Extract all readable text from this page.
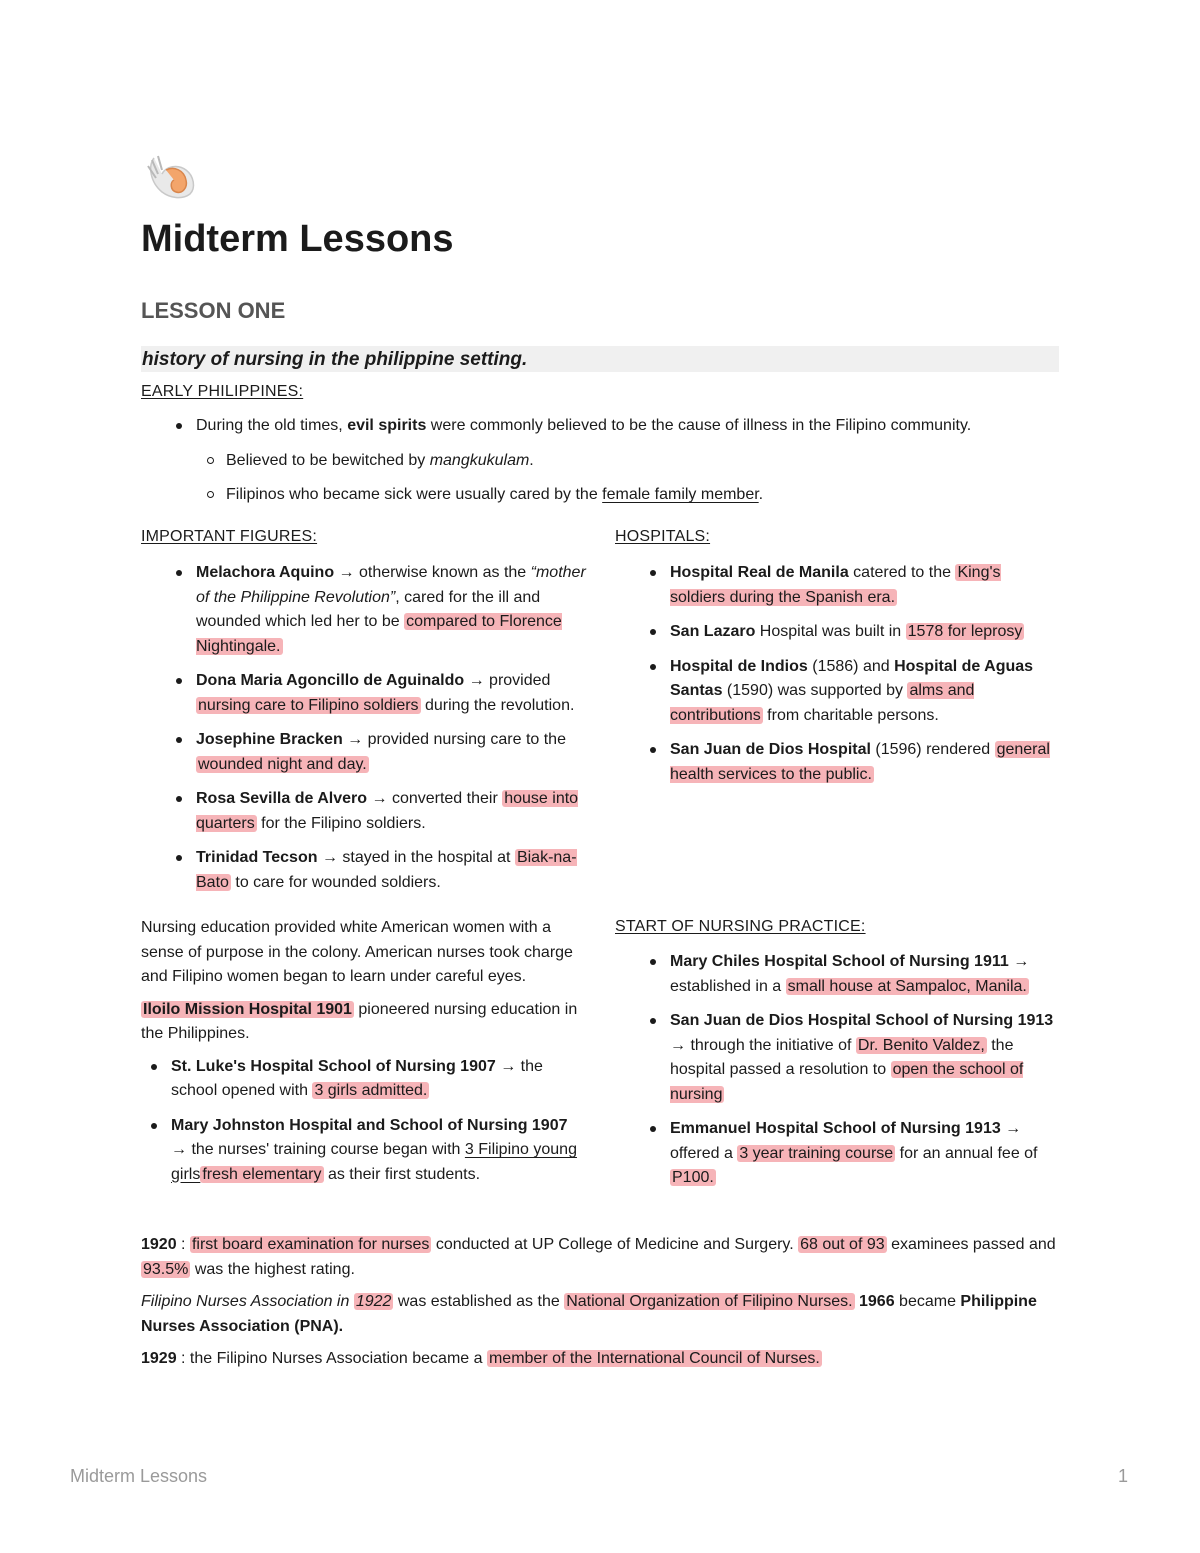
Midterm Lessons
LESSON ONE
history of nursing in the philippine setting.
EARLY PHILIPPINES:
During the old times, evil spirits were commonly believed to be the cause of illness in the Filipino community.
Believed to be bewitched by mangkukulam.
Filipinos who became sick were usually cared by the female family member.
IMPORTANT FIGURES:
Melachora Aquino → otherwise known as the “mother of the Philippine Revolution”, cared for the ill and wounded which led her to be compared to Florence Nightingale.
Dona Maria Agoncillo de Aguinaldo → provided nursing care to Filipino soldiers during the revolution.
Josephine Bracken → provided nursing care to the wounded night and day.
Rosa Sevilla de Alvero → converted their house into quarters for the Filipino soldiers.
Trinidad Tecson → stayed in the hospital at Biak-na-Bato to care for wounded soldiers.
HOSPITALS:
Hospital Real de Manila catered to the King's soldiers during the Spanish era.
San Lazaro Hospital was built in 1578 for leprosy
Hospital de Indios (1586) and Hospital de Aguas Santas (1590) was supported by alms and contributions from charitable persons.
San Juan de Dios Hospital (1596) rendered general health services to the public.

Nursing education provided white American women with a sense of purpose in the colony. American nurses took charge and Filipino women began to learn under careful eyes.

Iloilo Mission Hospital 1901 pioneered nursing education in the Philippines.

St. Luke's Hospital School of Nursing 1907 → the school opened with 3 girls admitted.
Mary Johnston Hospital and School of Nursing 1907 → the nurses' training course began with 3 Filipino young girls fresh elementary as their first students.
START OF NURSING PRACTICE:
Mary Chiles Hospital School of Nursing 1911 → established in a small house at Sampaloc, Manila.
San Juan de Dios Hospital School of Nursing 1913 → through the initiative of Dr. Benito Valdez, the hospital passed a resolution to open the school of nursing
Emmanuel Hospital School of Nursing 1913 → offered a 3 year training course for an annual fee of P100.

1920 : first board examination for nurses conducted at UP College of Medicine and Surgery. 68 out of 93 examinees passed and 93.5% was the highest rating.

Filipino Nurses Association in 1922 was established as the National Organization of Filipino Nurses. 1966 became Philippine Nurses Association (PNA).

1929 : the Filipino Nurses Association became a member of the International Council of Nurses.

Midterm Lessons	1
